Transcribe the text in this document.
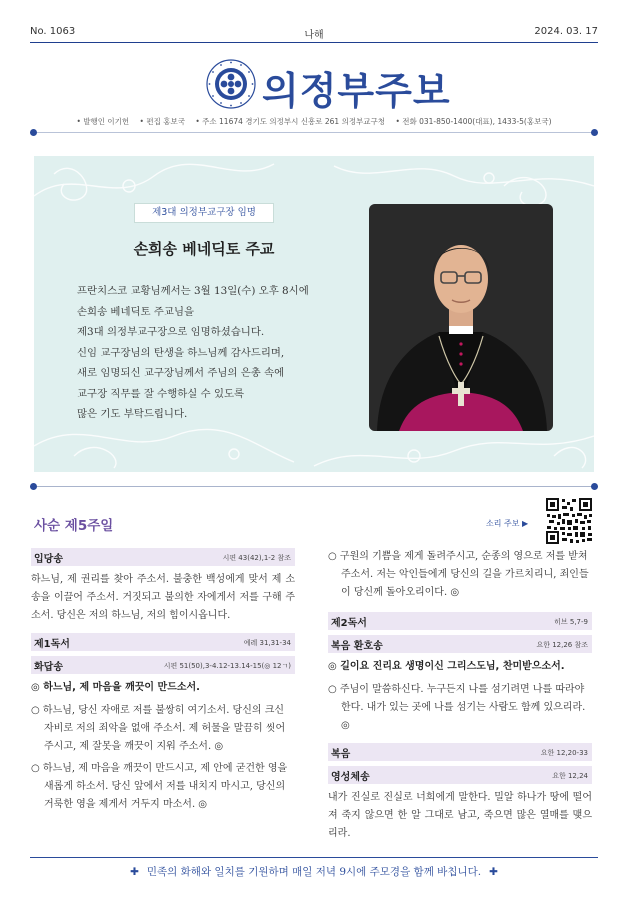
No. 1063	나해	2024. 03. 17
의정부주보
• 발행인 이기헌 • 편집 홍보국 • 주소 11674 경기도 의정부시 신흥로 261 의정부교구청 • 전화 031-850-1400(대표), 1433-5(홍보국)
제3대 의정부교구장 임명
손희송 베네딕토 주교
프란치스코 교황님께서는 3월 13일(수) 오후 8시에
손희송 베네딕토 주교님을
제3대 의정부교구장으로 임명하셨습니다.
신임 교구장님의 탄생을 하느님께 감사드리며,
새로 임명되신 교구장님께서 주님의 은총 속에
교구장 직무를 잘 수행하실 수 있도록
많은 기도 부탁드립니다.
사순 제5주일	소리 주보 ▶
입당송	시편 43(42),1-2 참조
하느님, 제 권리를 찾아 주소서. 불충한 백성에게 맞서 제 소송을 이끌어 주소서. 거짓되고 불의한 자에게서 저를 구해 주소서. 당신은 저의 하느님, 저의 힘이시옵니다.
제1독서	예레 31,31-34
화답송	시편 51(50),3-4.12-13.14-15(◎ 12ㄱ)
◎ 하느님, 제 마음을 깨끗이 만드소서.
○ 하느님, 당신 자애로 저를 불쌍히 여기소서. 당신의 크신 자비로 저의 죄악을 없애 주소서. 제 허물을 말끔히 씻어 주시고, 제 잘못을 깨끗이 지워 주소서. ◎
○ 하느님, 제 마음을 깨끗이 만드시고, 제 안에 굳건한 영을 새롭게 하소서. 당신 앞에서 저를 내치지 마시고, 당신의 거룩한 영을 제게서 거두지 마소서. ◎
○ 구원의 기쁨을 제게 돌려주시고, 순종의 영으로 저를 받쳐 주소서. 저는 악인들에게 당신의 길을 가르치리니, 죄인들이 당신께 돌아오리이다. ◎
제2독서	히브 5,7-9
복음 환호송	요한 12,26 참조
◎ 길이요 진리요 생명이신 그리스도님, 찬미받으소서.
○ 주님이 말씀하신다. 누구든지 나를 섬기려면 나를 따라야 한다. 내가 있는 곳에 나를 섬기는 사람도 함께 있으리라. ◎
복음	요한 12,20-33
영성체송	요한 12,24
내가 진실로 진실로 너희에게 말한다. 밀알 하나가 땅에 떨어져 죽지 않으면 한 알 그대로 남고, 죽으면 많은 열매를 맺으리라.
✚ 민족의 화해와 일치를 기원하며 매일 저녁 9시에 주모경을 함께 바칩니다. ✚
